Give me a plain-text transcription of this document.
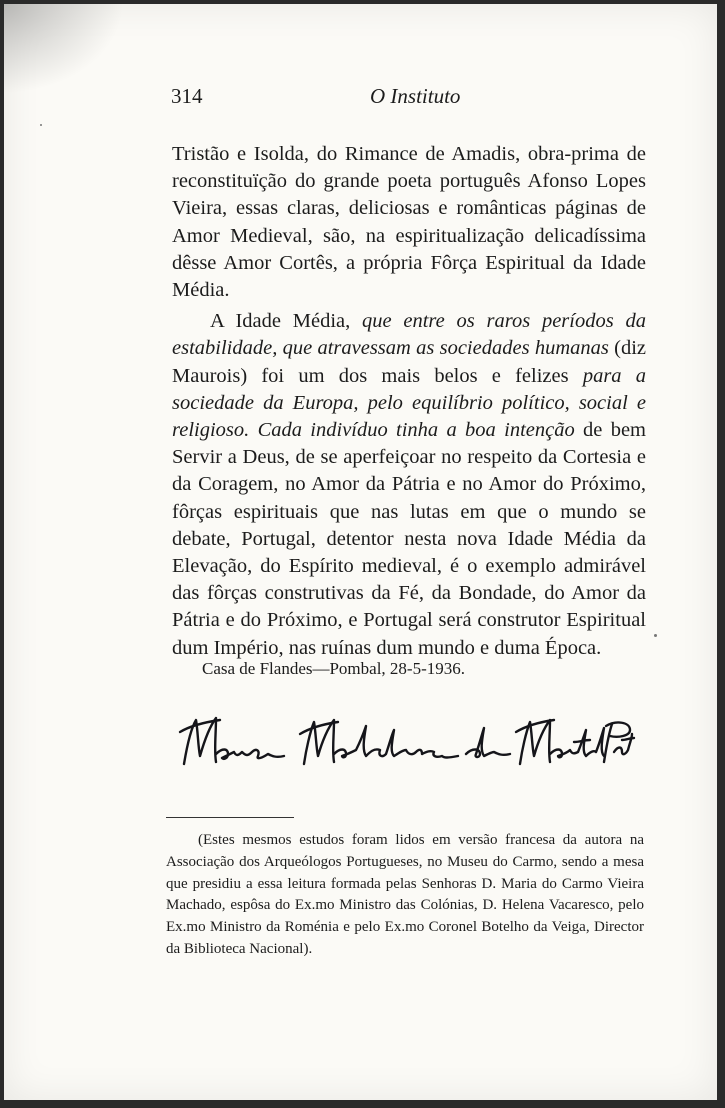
314	O Instituto

Tristão e Isolda, do Rimance de Amadis, obra-prima de reconstituïção do grande poeta português Afonso Lopes Vieira, essas claras, deliciosas e românticas páginas de Amor Medieval, são, na espiritualização delicadíssima dêsse Amor Cortês, a própria Fôrça Espiritual da Idade Média.

A Idade Média, que entre os raros períodos da estabilidade, que atravessam as sociedades humanas (diz Maurois) foi um dos mais belos e felizes para a sociedade da Europa, pelo equilíbrio político, social e religioso. Cada indivíduo tinha a boa intenção de bem Servir a Deus, de se aperfeiçoar no respeito da Cortesia e da Coragem, no Amor da Pátria e no Amor do Próximo, fôrças espirituais que nas lutas em que o mundo se debate, Portugal, detentor nesta nova Idade Média da Elevação, do Espírito medieval, é o exemplo admirável das fôrças construtivas da Fé, da Bondade, do Amor da Pátria e do Próximo, e Portugal será construtor Espiritual dum Império, nas ruínas dum mundo e duma Época.

Casa de Flandes—Pombal, 28-5-1936.

(Estes mesmos estudos foram lidos em versão francesa da autora na Associação dos Arqueólogos Portugueses, no Museu do Carmo, sendo a mesa que presidiu a essa leitura formada pelas Senhoras D. Maria do Carmo Vieira Machado, espôsa do Ex.mo Ministro das Colónias, D. Helena Vacaresco, pelo Ex.mo Ministro da Roménia e pelo Ex.mo Coronel Botelho da Veiga, Director da Biblioteca Nacional).
